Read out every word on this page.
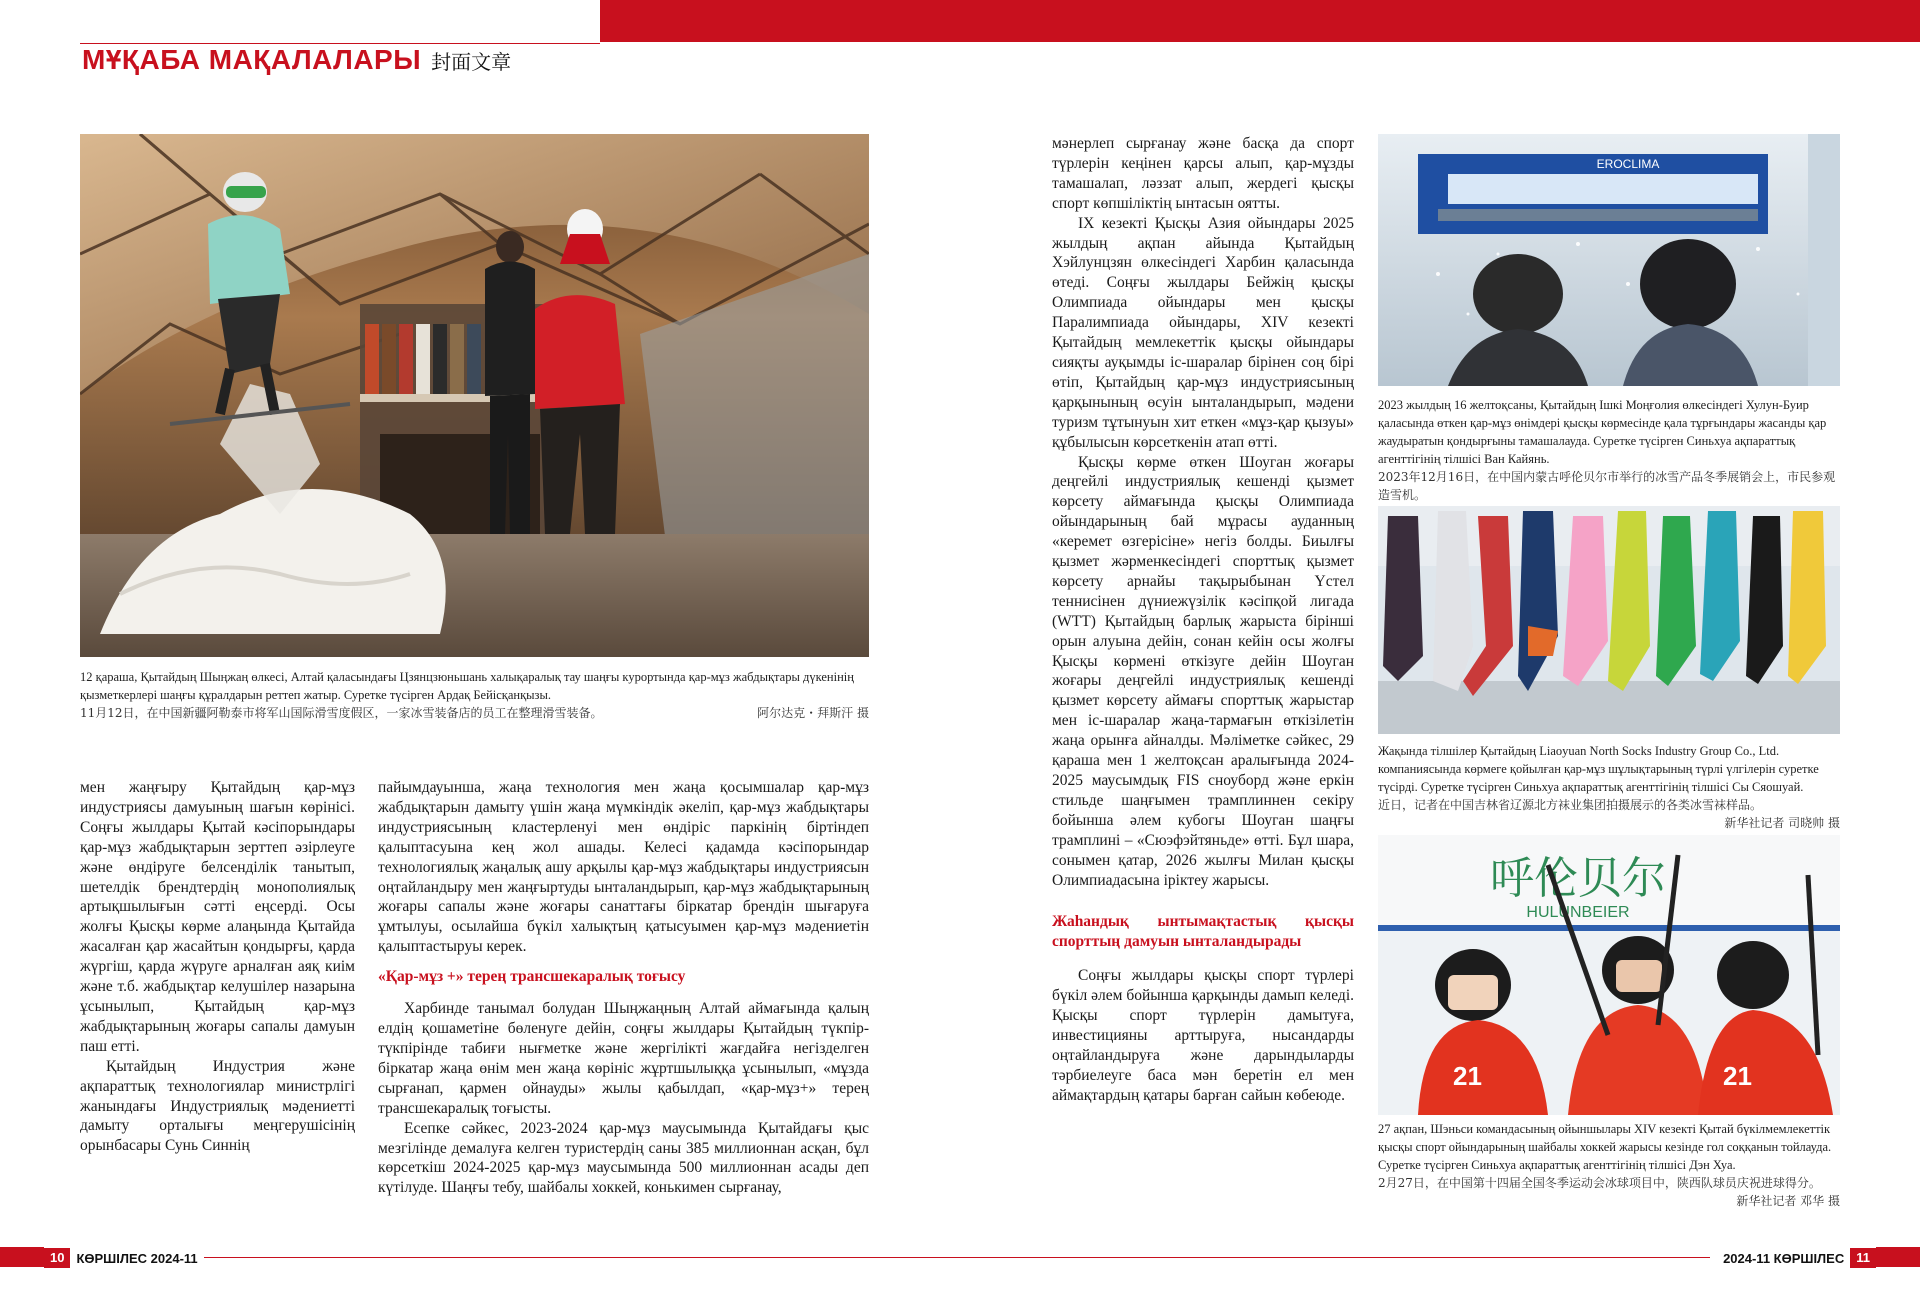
МҰҚАБА МАҚАЛАЛАРЫ 封面文章
12 қараша, Қытайдың Шыңжаң өлкесі, Алтай қаласындағы Цзянцзюньшань халықаралық тау шаңғы курортында қар-мұз жабдықтары дүкенінің қызметкерлері шаңғы құралдарын реттеп жатыр. Суретке түсірген Ардақ Бейісқанқызы.
11月12日，在中国新疆阿勒泰市将军山国际滑雪度假区，一家冰雪装备店的员工在整理滑雪装备。	阿尔达克・拜斯汗 摄
EROCLIMA
2023 жылдың 16 желтоқсаны, Қытайдың Ішкі Моңғолия өлкесіндегі Хулун-Буир қаласында өткен қар-мұз өнімдері қысқы көрмесінде қала тұрғындары жасанды қар жаудыратын қондырғыны тамашалауда. Суретке түсірген Синьхуа ақпараттық агенттігінің тілшісі Ван Кайянь.
2023年12月16日，在中国内蒙古呼伦贝尔市举行的冰雪产品冬季展销会上，市民参观造雪机。
Жақында тілшілер Қытайдың Liaoyuan North Socks Industry Group Co., Ltd. компаниясында көрмеге қойылған қар-мұз шұлықтарының түрлі үлгілерін суретке түсірді. Суретке түсірген Синьхуа ақпараттық агенттігінің тілшісі Сы Сяошуай.
近日，记者在中国吉林省辽源北方袜业集团拍摄展示的各类冰雪袜样品。
新华社记者 司晓帅 摄
呼伦贝尔
HULUNBEIER
21	21
27 ақпан, Шэньси командасының ойыншылары XIV кезекті Қытай бүкілмемлекеттік қысқы спорт ойындарының шайбалы хоккей жарысы кезінде гол соққанын тойлауда. Суретке түсірген Синьхуа ақпараттық агенттігінің тілшісі Дэн Хуа.
2月27日，在中国第十四届全国冬季运动会冰球项目中，陕西队球员庆祝进球得分。
新华社记者 邓华 摄

мен жаңғыру Қытайдың қар-мұз индустриясы дамуының шағын көрінісі. Соңғы жылдары Қытай кәсіпорындары қар-мұз жабдықтарын зерттеп әзірлеуге және өндіруге белсенділік танытып, шетелдік брендтердің монополиялық артықшылығын сәтті еңсерді. Осы жолғы Қысқы көрме алаңында Қытайда жасалған қар жасайтын қондырғы, қарда жүргіш, қарда жүруге арналған аяқ киім және т.б. жабдықтар келушілер назарына ұсынылып, Қытайдың қар-мұз жабдықтарының жоғары сапалы дамуын паш етті.

Қытайдың Индустрия және ақпараттық технологиялар министрлігі жанындағы Индустриялық мәдениетті дамыту орталығы меңгерушісінің орынбасары Сунь Синнің

пайымдауынша, жаңа технология мен жаңа қосымшалар қар-мұз жабдықтарын дамыту үшін жаңа мүмкіндік әкеліп, қар-мұз жабдықтары индустриясының кластерленуі мен өндіріс паркінің біртіндеп қалыптасуына кең жол ашады. Келесі қадамда кәсіпорындар технологиялық жаңалық ашу арқылы қар-мұз жабдықтары индустриясын оңтайландыру мен жаңғыртуды ынталандырып, қар-мұз жабдықтарының жоғары сапалы және жоғары санаттағы біркатар брендін шығаруға ұмтылуы, осылайша бүкіл халықтың қатысуымен қар-мұз мәдениетін қалыптастыруы керек.

«Қар-мұз +» терең трансшекаралық тоғысу

Харбинде танымал болудан Шыңжаңның Алтай аймағында қалың елдің қошаметіне бөленуге дейін, соңғы жылдары Қытайдың түкпір-түкпірінде табиғи нығметке және жергілікті жағдайға негізделген біркатар жаңа өнім мен жаңа көрініс жұртшылыққа ұсынылып, «мұзда сырғанап, қармен ойнауды» жылы қабылдап, «қар-мұз+» терең трансшекаралық тоғысты.

Есепке сәйкес, 2023-2024 қар-мұз маусымында Қытайдағы қыс мезгілінде демалуға келген туристердің саны 385 миллионнан асқан, бұл көрсеткіш 2024-2025 қар-мұз маусымында 500 миллионнан асады деп күтілуде. Шаңғы тебу, шайбалы хоккей, конькимен сырғанау,

мәнерлеп сырғанау және басқа да спорт түрлерін кеңінен қарсы алып, қар-мұзды тамашалап, ләззат алып, жердегі қысқы спорт көпшіліктің ынтасын оятты.

IX кезекті Қысқы Азия ойындары 2025 жылдың ақпан айында Қытайдың Хэйлунцзян өлкесіндегі Харбин қаласында өтеді. Соңғы жылдары Бейжің қысқы Олимпиада ойындары мен қысқы Паралимпиада ойындары, XIV кезекті Қытайдың мемлекеттік қысқы ойындары сияқты ауқымды іс-шаралар бірінен соң бірі өтіп, Қытайдың қар-мұз индустриясының қарқынының өсуін ынталандырып, мәдени туризм тұтынуын хит еткен «мұз-қар қызуы» құбылысын көрсеткенін атап өтті.

Қысқы көрме өткен Шоуган жоғары деңгейлі индустриялық кешенді қызмет көрсету аймағында қысқы Олимпиада ойындарының бай мұрасы ауданның «керемет өзгерісіне» негіз болды. Биылғы қызмет жәрменкесіндегі спорттық қызмет көрсету арнайы тақырыбынан Үстел теннисінен дүниежүзілік кәсіпқой лигада (WTT) Қытайдың барлық жарыста бірінші орын алуына дейін, сонан кейін осы жолғы Қысқы көрмені өткізуге дейін Шоуган жоғары деңгейлі индустриялық кешенді қызмет көрсету аймағы спорттық жарыстар мен іс-шаралар жаңа-тармағын өткізілетін жаңа орынға айналды. Мәліметке сәйкес, 29 қараша мен 1 желтоқсан аралығында 2024-2025 маусымдық FIS сноуборд және еркін стильде шаңғымен трамплиннен секіру бойынша әлем кубогы Шоуган шаңғы трамплині – «Сюэфэйтяньде» өтті. Бұл шара, сонымен қатар, 2026 жылғы Милан қысқы Олимпиадасына іріктеу жарысы.

Жаһандық ынтымақтастық қысқы спорттың дамуын ынталандырады

Соңғы жылдары қысқы спорт түрлері бүкіл әлем бойынша қарқынды дамып келеді. Қысқы спорт түрлерін дамытуға, инвестицияны арттыруға, нысандарды оңтайландыруға және дарындыларды тәрбиелеуге баса мән беретін ел мен аймақтардың қатары барған сайын көбеюде.

10 КӨРШІЛЕС 2024-11	2024-11 КӨРШІЛЕС 11
